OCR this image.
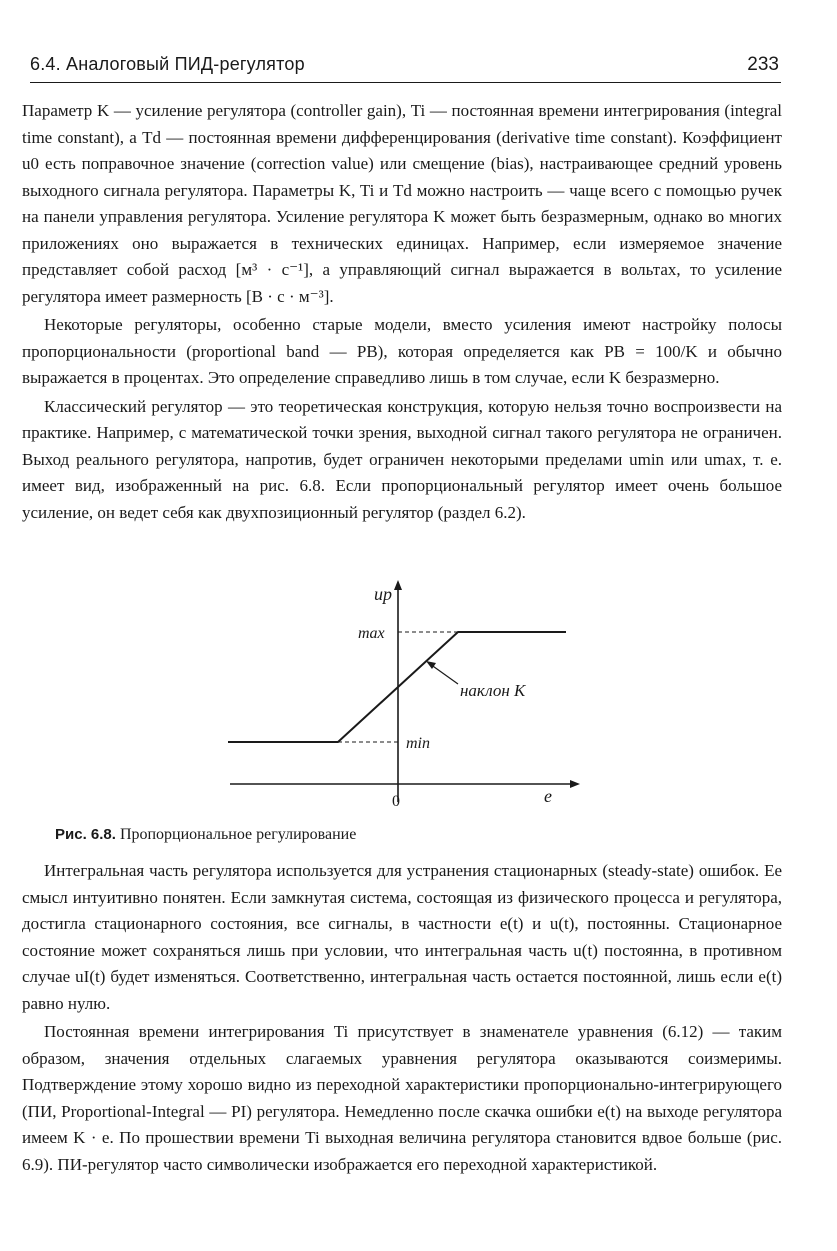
6.4. Аналоговый ПИД-регулятор	233

Параметр K — усиление регулятора (controller gain), Ti — постоянная времени интегрирования (integral time constant), а Td — постоянная времени дифференцирования (derivative time constant). Коэффициент u0 есть поправочное значение (correction value) или смещение (bias), настраивающее средний уровень выходного сигнала регулятора. Параметры K, Ti и Td можно настроить — чаще всего с помощью ручек на панели управления регулятора. Усиление регулятора K может быть безразмерным, однако во многих приложениях оно выражается в технических единицах. Например, если измеряемое значение представляет собой расход [м³ · с⁻¹], а управляющий сигнал выражается в вольтах, то усиление регулятора имеет размерность [В · с · м⁻³].

Некоторые регуляторы, особенно старые модели, вместо усиления имеют настройку полосы пропорциональности (proportional band — PB), которая определяется как PB = 100/K и обычно выражается в процентах. Это определение справедливо лишь в том случае, если K безразмерно.

Классический регулятор — это теоретическая конструкция, которую нельзя точно воспроизвести на практике. Например, с математической точки зрения, выходной сигнал такого регулятора не ограничен. Выход реального регулятора, напротив, будет ограничен некоторыми пределами umin или umax, т. е. имеет вид, изображенный на рис. 6.8. Если пропорциональный регулятор имеет очень большое усиление, он ведет себя как двухпозиционный регулятор (раздел 6.2).

up
max
min
наклон K
0	e
Рис. 6.8. Пропорциональное регулирование

Интегральная часть регулятора используется для устранения стационарных (steady-state) ошибок. Ее смысл интуитивно понятен. Если замкнутая система, состоящая из физического процесса и регулятора, достигла стационарного состояния, все сигналы, в частности e(t) и u(t), постоянны. Стационарное состояние может сохраняться лишь при условии, что интегральная часть u(t) постоянна, в противном случае uI(t) будет изменяться. Соответственно, интегральная часть остается постоянной, лишь если e(t) равно нулю.

Постоянная времени интегрирования Ti присутствует в знаменателе уравнения (6.12) — таким образом, значения отдельных слагаемых уравнения регулятора оказываются соизмеримы. Подтверждение этому хорошо видно из переходной характеристики пропорционально-интегрирующего (ПИ, Proportional-Integral — PI) регулятора. Немедленно после скачка ошибки e(t) на выходе регулятора имеем K · e. По прошествии времени Ti выходная величина регулятора становится вдвое больше (рис. 6.9). ПИ-регулятор часто символически изображается его переходной характеристикой.
